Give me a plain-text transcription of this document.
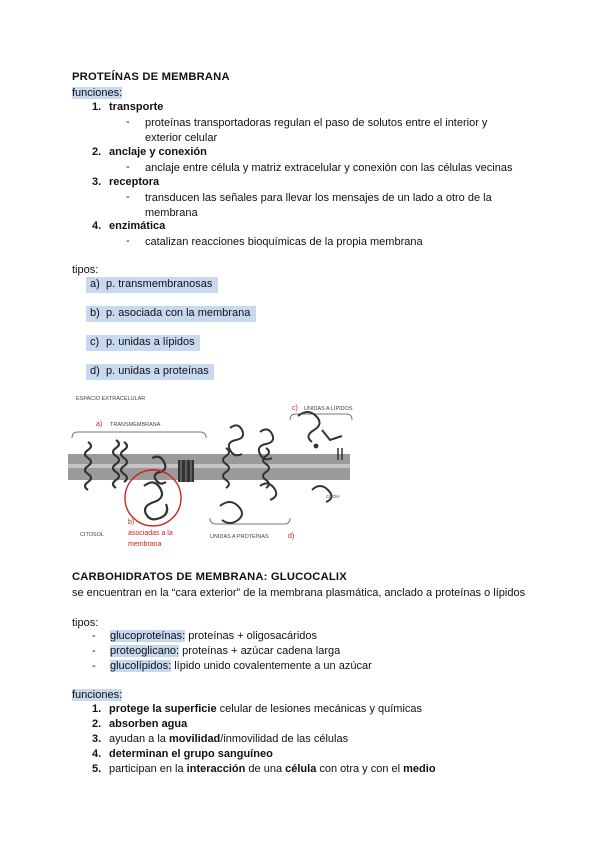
PROTEÍNAS DE MEMBRANA
funciones:
1. transporte
- proteínas transportadoras regulan el paso de solutos entre el interior y exterior celular
2. anclaje y conexión
- anclaje entre célula y matriz extracelular y conexión con las células vecinas
3. receptora
- transducen las señales para llevar los mensajes de un lado a otro de la membrana
4. enzimática
- catalizan reacciones bioquímicas de la propia membrana
tipos:
a) p. transmembranosas
b) p. asociada con la membrana
c) p. unidas a lípidos
d) p. unidas a proteínas
ESPACIO EXTRACELULAR
a) TRANSMEMBRANA
c) UNIDAS A LÍPIDOS
CITOSOL
b)
asociadas a la
membrana
UNIDAS A PROTEÍNAS	d)
COOH
CARBOHIDRATOS DE MEMBRANA: GLUCOCALIX
se encuentran en la “cara exterior” de la membrana plasmática, anclado a proteínas o lípidos
tipos:
- glucoproteínas: proteínas + oligosacáridos
- proteoglicano: proteínas + azúcar cadena larga
- glucolípidos: lípido unido covalentemente a un azúcar
funciones:
1. protege la superficie celular de lesiones mecánicas y químicas
2. absorben agua
3. ayudan a la movilidad/inmovilidad de las células
4. determinan el grupo sanguíneo
5. participan en la interacción de una célula con otra y con el medio
